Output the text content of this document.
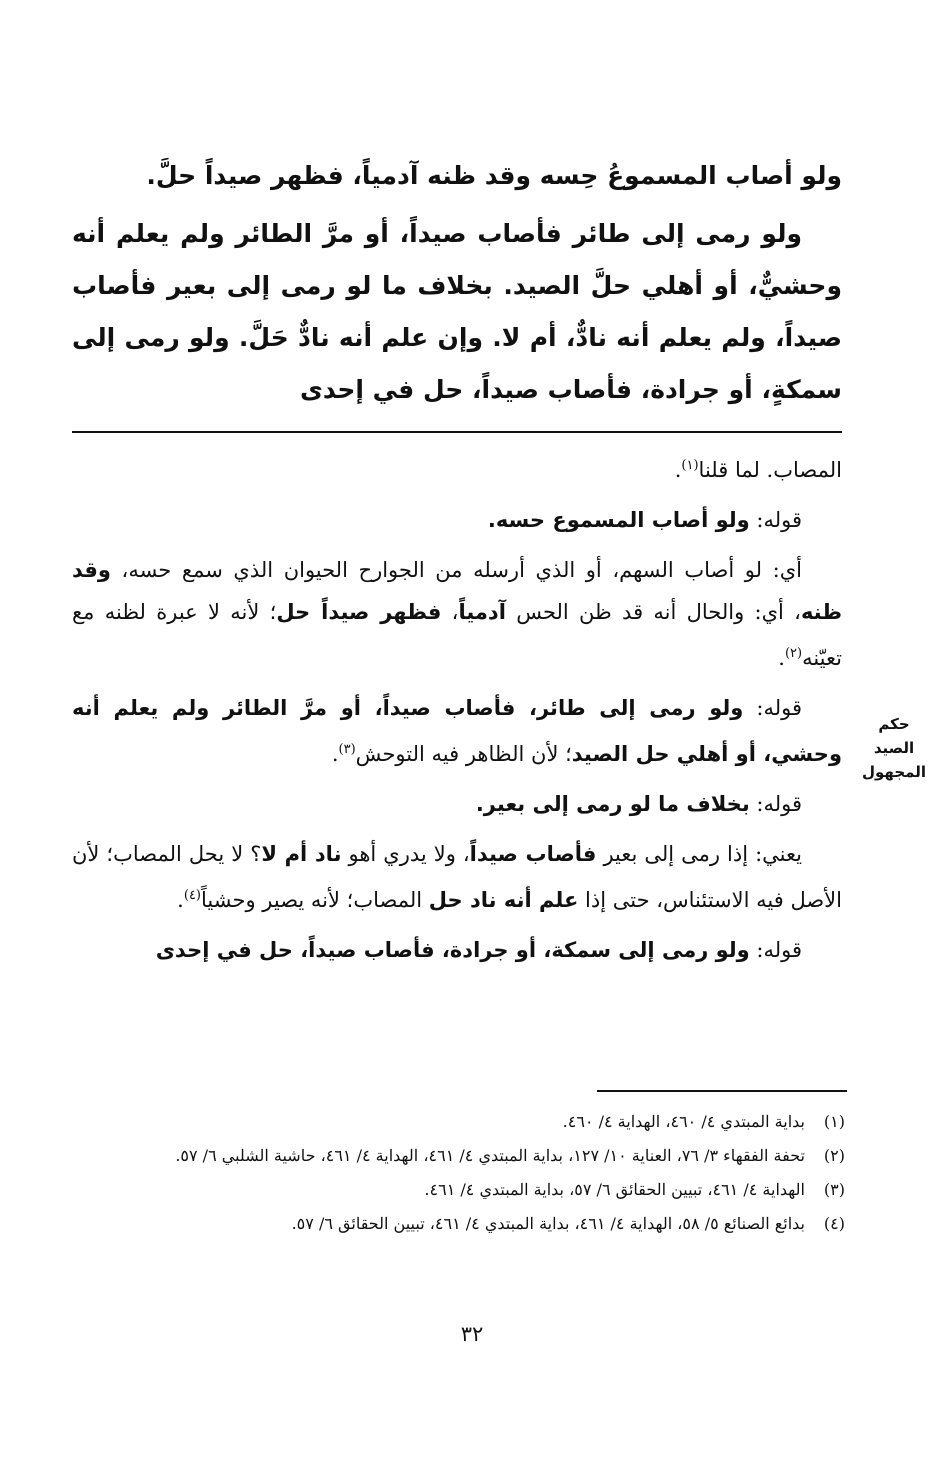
ولو أصاب المسموعُ حِسه وقد ظنه آدمياً، فظهر صيداً حلَّ.

ولو رمى إلى طائر فأصاب صيداً، أو مرَّ الطائر ولم يعلم أنه وحشيٌّ، أو أهلي حلَّ الصيد. بخلاف ما لو رمى إلى بعير فأصاب صيداً، ولم يعلم أنه نادٌّ، أم لا. وإن علم أنه نادٌّ حَلَّ. ولو رمى إلى سمكةٍ، أو جرادة، فأصاب صيداً، حل في إحدى

المصاب. لما قلنا$^{(١)}$.

قوله: ولو أصاب المسموع حسه.

أي: لو أصاب السهم، أو الذي أرسله من الجوارح الحيوان الذي سمع حسه، وقد ظنه، أي: والحال أنه قد ظن الحس آدمياً، فظهر صيداً حل؛ لأنه لا عبرة لظنه مع تعيّنه$^{(٢)}$.

قوله: ولو رمى إلى طائر، فأصاب صيداً، أو مرَّ الطائر ولم يعلم أنه وحشي، أو أهلي حل الصيد؛ لأن الظاهر فيه التوحش$^{(٣)}$.

قوله: بخلاف ما لو رمى إلى بعير.

يعني: إذا رمى إلى بعير فأصاب صيداً، ولا يدري أهو ناد أم لا؟ لا يحل المصاب؛ لأن الأصل فيه الاستئناس، حتى إذا علم أنه ناد حل المصاب؛ لأنه يصير وحشياً$^{(٤)}$.

قوله: ولو رمى إلى سمكة، أو جرادة، فأصاب صيداً، حل في إحدى

حكم
الصيد
المجهول
(١)
بداية المبتدي ٤/ ٤٦٠، الهداية ٤/ ٤٦٠.
(٢)
تحفة الفقهاء ٣/ ٧٦، العناية ١٠/ ١٢٧، بداية المبتدي ٤/ ٤٦١، الهداية ٤/ ٤٦١، حاشية الشلبي ٦/ ٥٧.
(٣)
الهداية ٤/ ٤٦١، تبيين الحقائق ٦/ ٥٧، بداية المبتدي ٤/ ٤٦١.
(٤)
بدائع الصنائع ٥/ ٥٨، الهداية ٤/ ٤٦١، بداية المبتدي ٤/ ٤٦١، تبيين الحقائق ٦/ ٥٧.
٣٢
